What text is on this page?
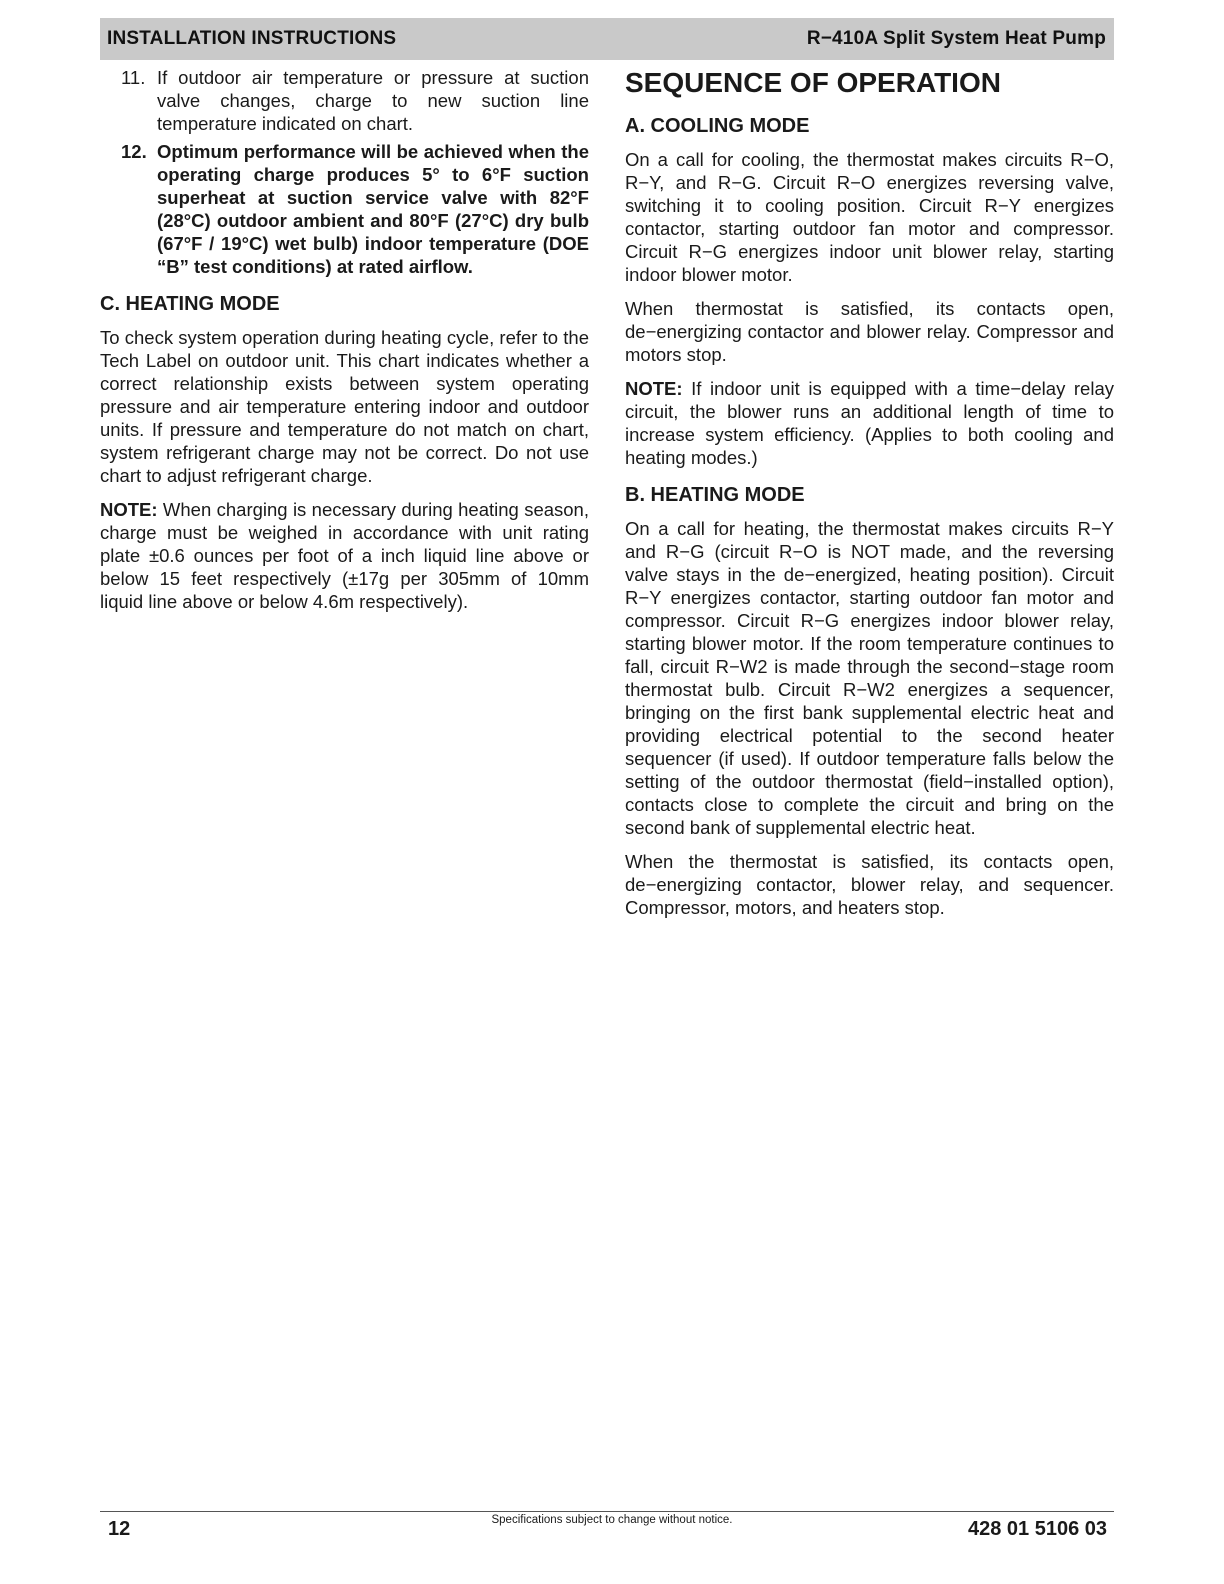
INSTALLATION INSTRUCTIONS	R−410A Split System Heat Pump
11. If outdoor air temperature or pressure at suction valve changes, charge to new suction line temperature indicated on chart.
12. Optimum performance will be achieved when the operating charge produces 5° to 6°F suction superheat at suction service valve with 82°F (28°C) outdoor ambient and 80°F (27°C) dry bulb (67°F / 19°C) wet bulb) indoor temperature (DOE “B” test conditions) at rated airflow.
C. HEATING MODE

To check system operation during heating cycle, refer to the Tech Label on outdoor unit. This chart indicates whether a correct relationship exists between system operating pressure and air temperature entering indoor and outdoor units. If pressure and temperature do not match on chart, system refrigerant charge may not be correct. Do not use chart to adjust refrigerant charge.

NOTE: When charging is necessary during heating season, charge must be weighed in accordance with unit rating plate ±0.6 ounces per foot of a inch liquid line above or below 15 feet respectively (±17g per 305mm of 10mm liquid line above or below 4.6m respectively).

SEQUENCE OF OPERATION
A. COOLING MODE

On a call for cooling, the thermostat makes circuits R−O, R−Y, and R−G. Circuit R−O energizes reversing valve, switching it to cooling position. Circuit R−Y energizes contactor, starting outdoor fan motor and compressor. Circuit R−G energizes indoor unit blower relay, starting indoor blower motor.

When thermostat is satisfied, its contacts open, de−energizing contactor and blower relay. Compressor and motors stop.

NOTE: If indoor unit is equipped with a time−delay relay circuit, the blower runs an additional length of time to increase system efficiency. (Applies to both cooling and heating modes.)

B. HEATING MODE

On a call for heating, the thermostat makes circuits R−Y and R−G (circuit R−O is NOT made, and the reversing valve stays in the de−energized, heating position). Circuit R−Y energizes contactor, starting outdoor fan motor and compressor. Circuit R−G energizes indoor blower relay, starting blower motor. If the room temperature continues to fall, circuit R−W2 is made through the second−stage room thermostat bulb. Circuit R−W2 energizes a sequencer, bringing on the first bank supplemental electric heat and providing electrical potential to the second heater sequencer (if used). If outdoor temperature falls below the setting of the outdoor thermostat (field−installed option), contacts close to complete the circuit and bring on the second bank of supplemental electric heat.

When the thermostat is satisfied, its contacts open, de−energizing contactor, blower relay, and sequencer. Compressor, motors, and heaters stop.

12	Specifications subject to change without notice.	428 01 5106 03
